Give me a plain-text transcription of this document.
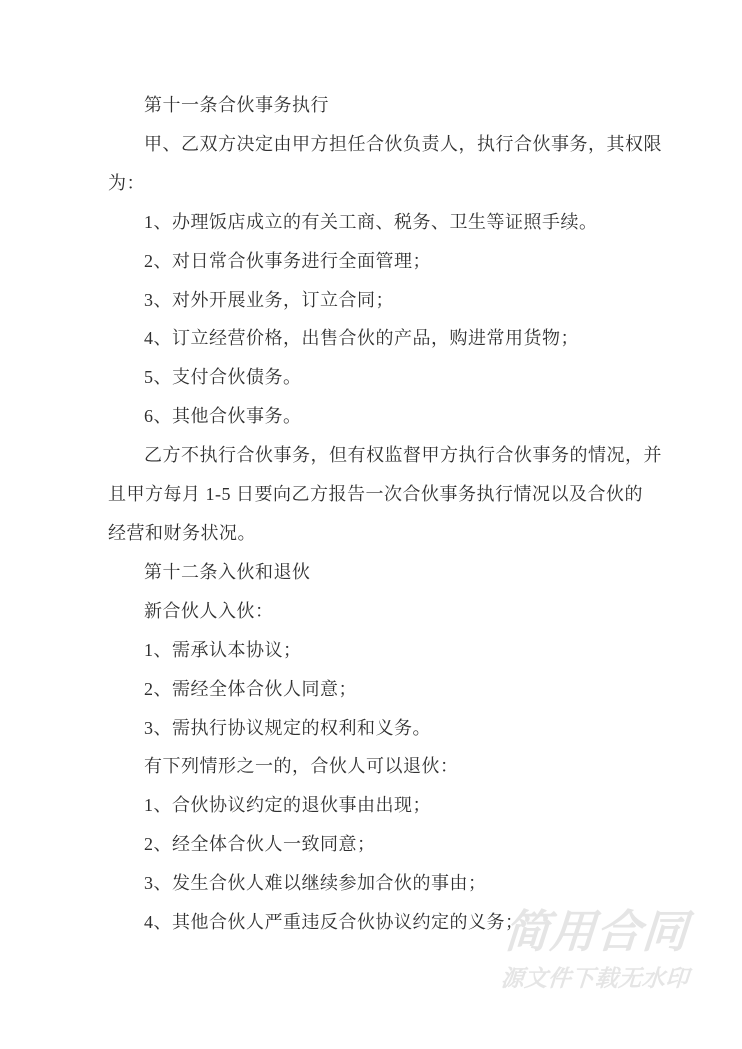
第十一条合伙事务执行
甲、乙双方决定由甲方担任合伙负责人，执行合伙事务，其权限
为：
1、办理饭店成立的有关工商、税务、卫生等证照手续。
2、对日常合伙事务进行全面管理；
3、对外开展业务，订立合同；
4、订立经营价格，出售合伙的产品，购进常用货物；
5、支付合伙债务。
6、其他合伙事务。
乙方不执行合伙事务，但有权监督甲方执行合伙事务的情况，并
且甲方每月 1-5 日要向乙方报告一次合伙事务执行情况以及合伙的
经营和财务状况。
第十二条入伙和退伙
新合伙人入伙：
1、需承认本协议；
2、需经全体合伙人同意；
3、需执行协议规定的权利和义务。
有下列情形之一的，合伙人可以退伙：
1、合伙协议约定的退伙事由出现；
2、经全体合伙人一致同意；
3、发生合伙人难以继续参加合伙的事由；
4、其他合伙人严重违反合伙协议约定的义务；
简用合同
源文件下载无水印
